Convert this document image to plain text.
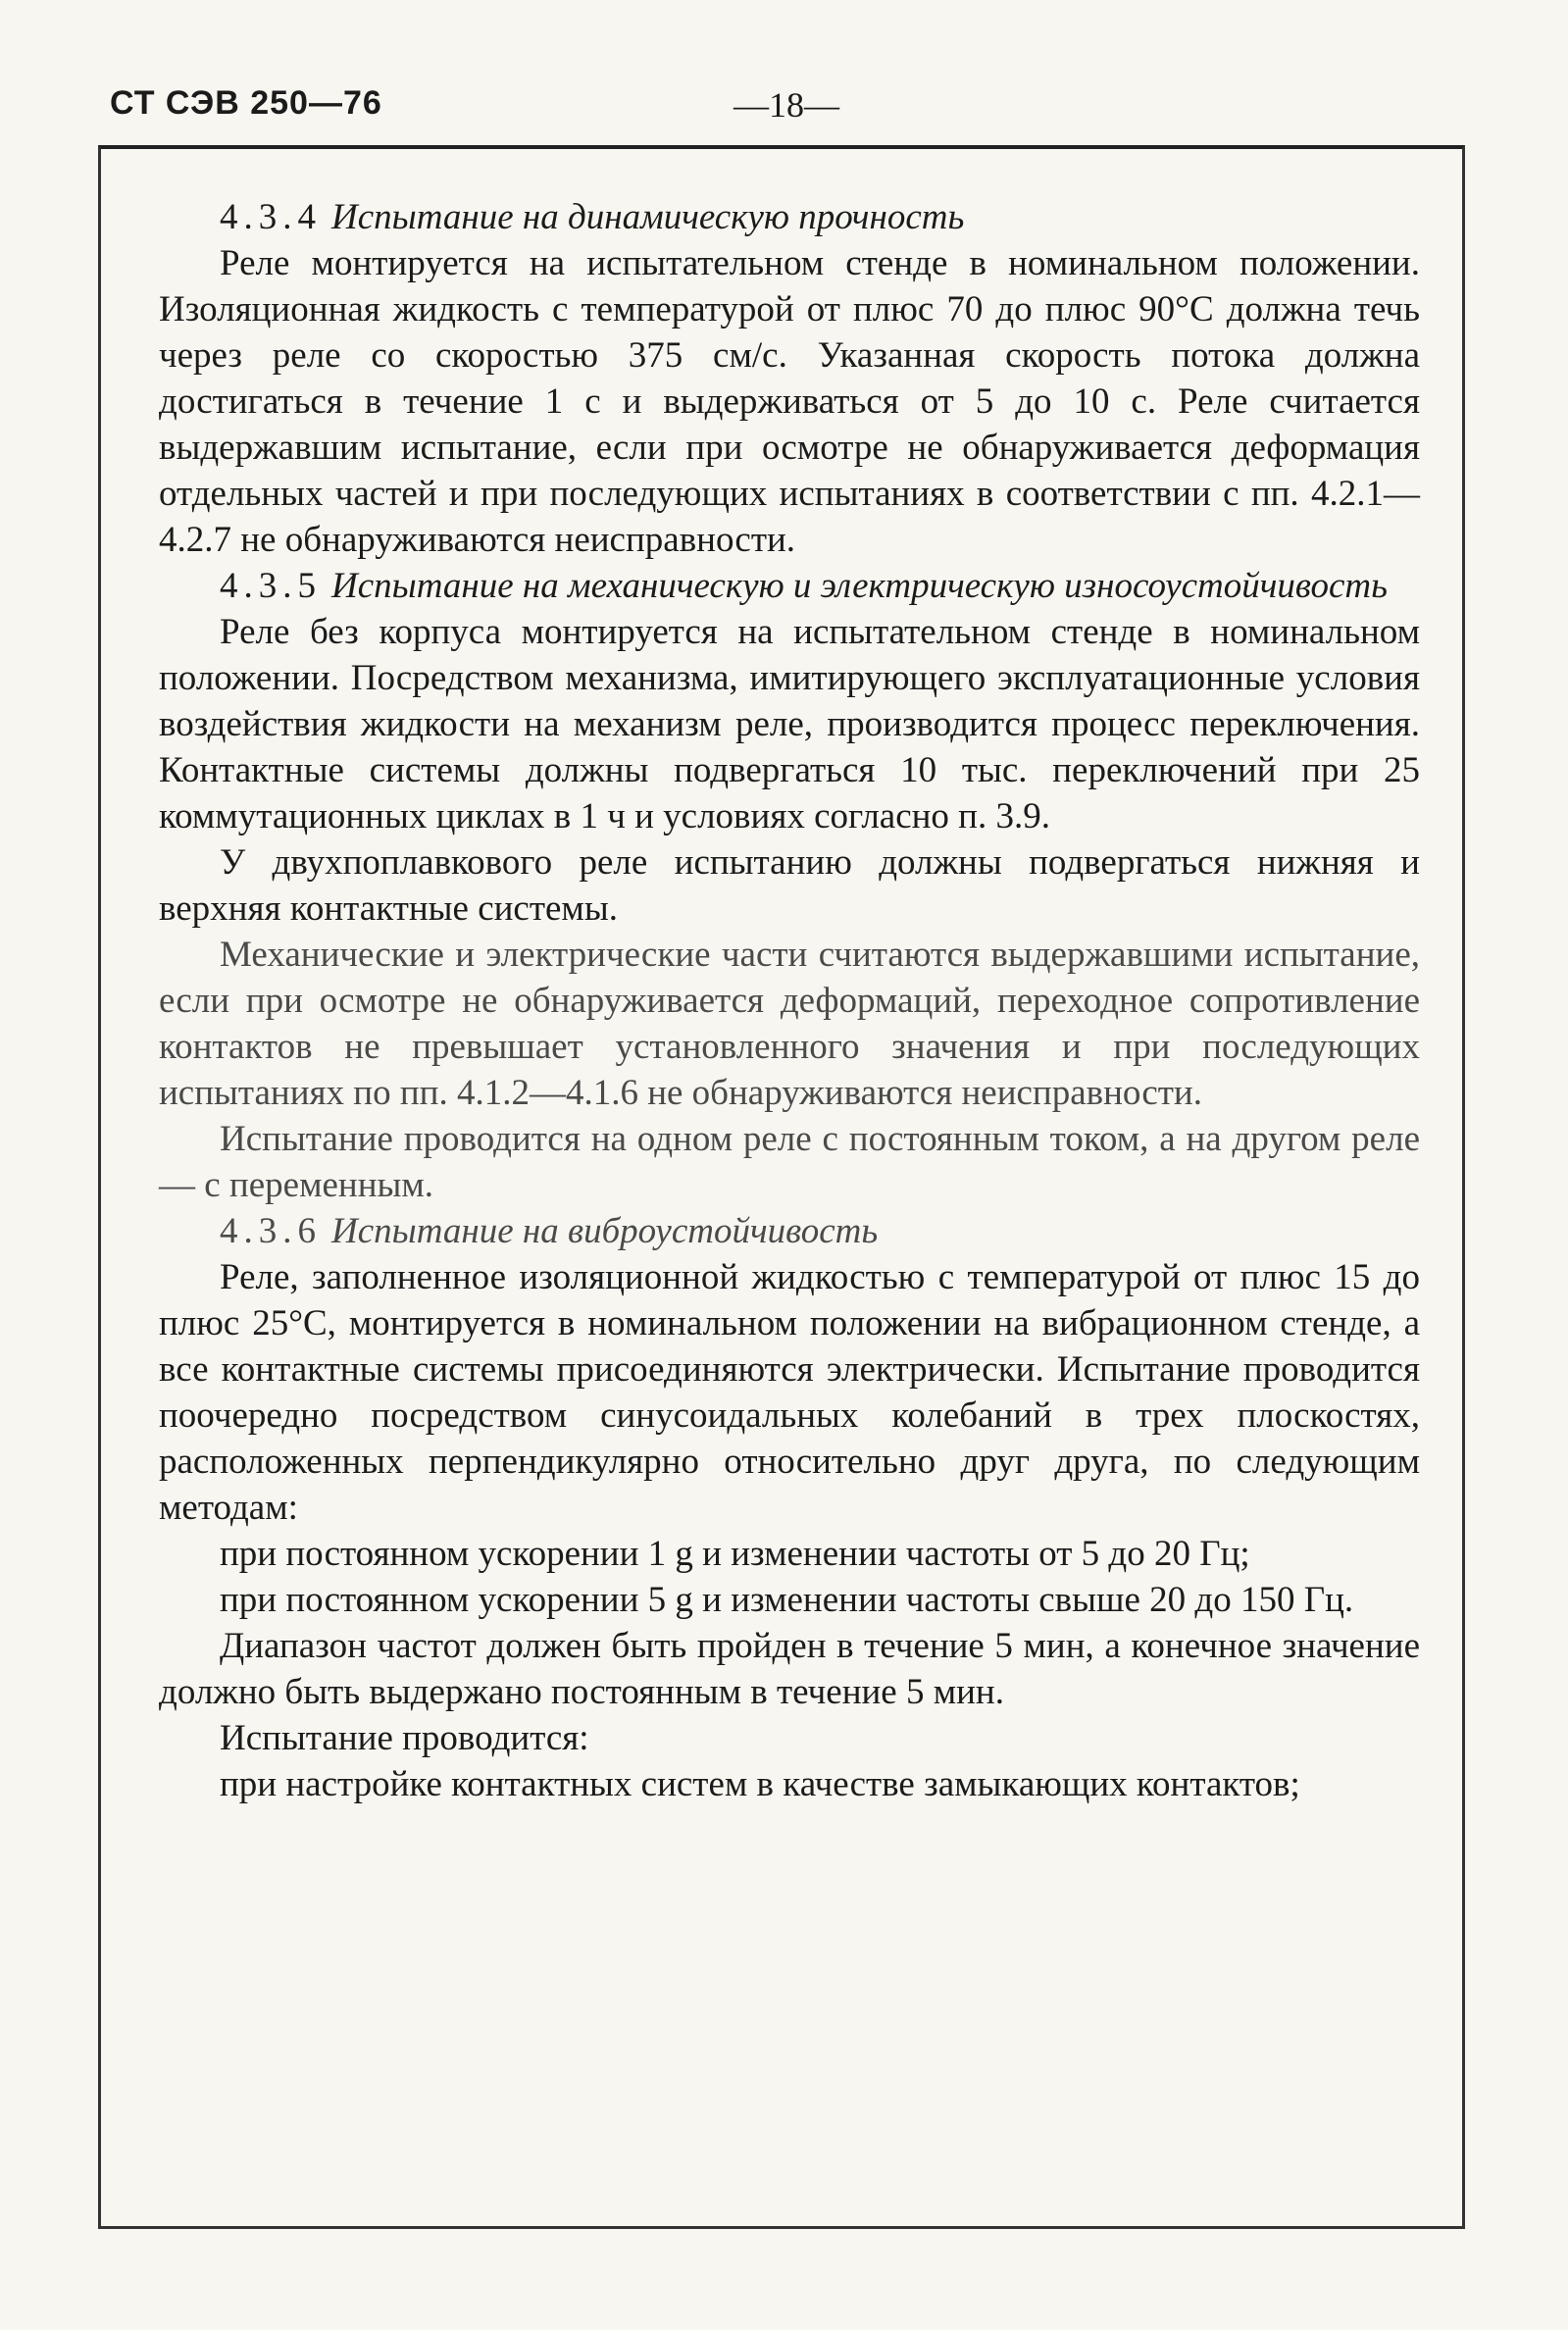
СТ СЭВ 250—76	—18—

4.3.4 Испытание на динамическую прочность

Реле монтируется на испытательном стенде в номинальном положении. Изоляционная жидкость с температурой от плюс 70 до плюс 90°С должна течь через реле со скоростью 375 см/с. Указанная скорость потока должна достигаться в течение 1 с и выдерживаться от 5 до 10 с. Реле считается выдержавшим испытание, если при осмотре не обнаруживается деформация отдельных частей и при последующих испытаниях в соответствии с пп. 4.2.1—4.2.7 не обнаруживаются неисправности.

4.3.5 Испытание на механическую и электрическую износоустойчивость

Реле без корпуса монтируется на испытательном стенде в номинальном положении. Посредством механизма, имитирующего эксплуатационные условия воздействия жидкости на механизм реле, производится процесс переключения. Контактные системы должны подвергаться 10 тыс. переключений при 25 коммутационных циклах в 1 ч и условиях согласно п. 3.9.

У двухпоплавкового реле испытанию должны подвергаться нижняя и верхняя контактные системы.

Механические и электрические части считаются выдержавшими испытание, если при осмотре не обнаруживается деформаций, переходное сопротивление контактов не превышает установленного значения и при последующих испытаниях по пп. 4.1.2—4.1.6 не обнаруживаются неисправности.

Испытание проводится на одном реле с постоянным током, а на другом реле — с переменным.

4.3.6 Испытание на виброустойчивость

Реле, заполненное изоляционной жидкостью с температурой от плюс 15 до плюс 25°С, монтируется в номинальном положении на вибрационном стенде, а все контактные системы присоединяются электрически. Испытание проводится поочередно посредством синусоидальных колебаний в трех плоскостях, расположенных перпендикулярно относительно друг друга, по следующим методам:

при постоянном ускорении 1 g и изменении частоты от 5 до 20 Гц;

при постоянном ускорении 5 g и изменении частоты свыше 20 до 150 Гц.

Диапазон частот должен быть пройден в течение 5 мин, а конечное значение должно быть выдержано постоянным в течение 5 мин.

Испытание проводится:

при настройке контактных систем в качестве замыкающих контактов;
